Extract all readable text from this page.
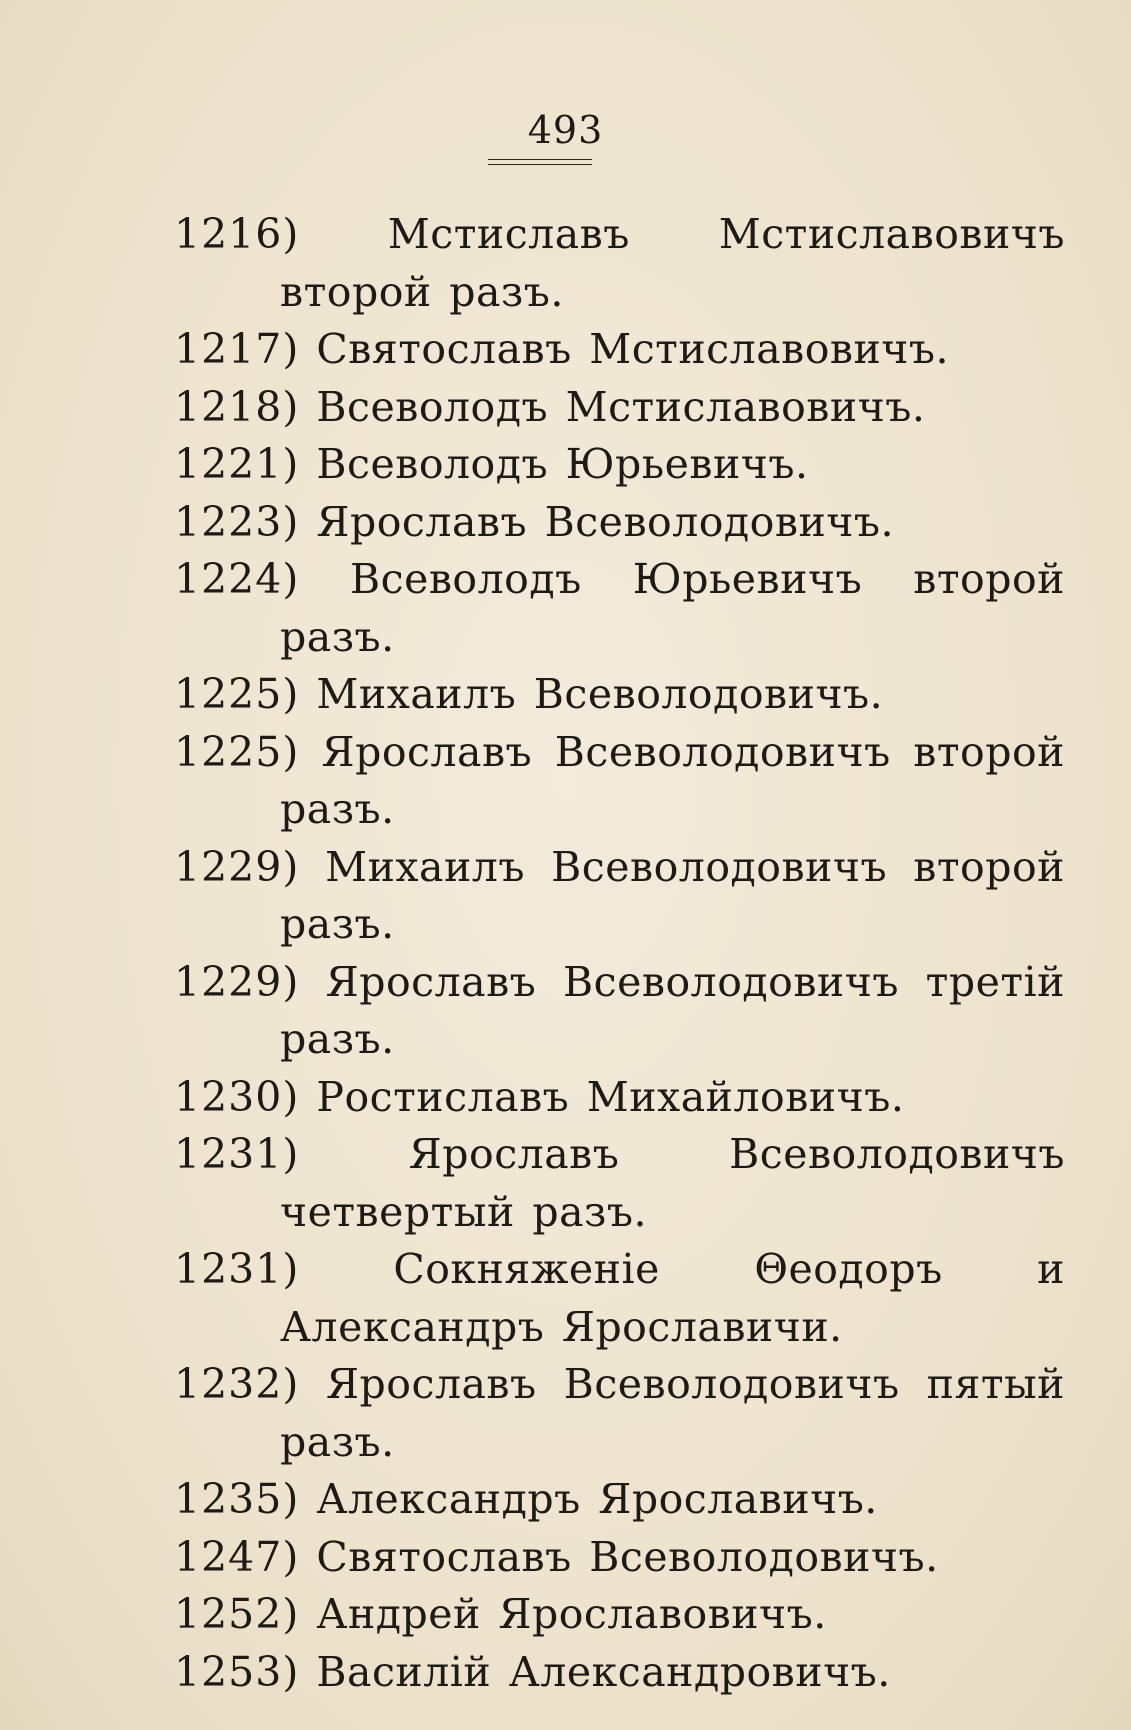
493
1216) Мстиславъ Мстиславовичъ второй разъ.
1217) Святославъ Мстиславовичъ.
1218) Всеволодъ Мстиславовичъ.
1221) Всеволодъ Юрьевичъ.
1223) Ярославъ Всеволодовичъ.
1224) Всеволодъ Юрьевичъ второй разъ.
1225) Михаилъ Всеволодовичъ.
1225) Ярославъ Всеволодовичъ второй разъ.
1229) Михаилъ Всеволодовичъ второй разъ.
1229) Ярославъ Всеволодовичъ третій разъ.
1230) Ростиславъ Михайловичъ.
1231)	Ярославъ Всеволодовичъ четвертый разъ.
1231) Сокняженіе Θеодоръ и Александръ Ярославичи.
1232) Ярославъ Всеволодовичъ пятый разъ.
1235) Александръ Ярославичъ.
1247) Святославъ Всеволодовичъ.
1252) Андрей Ярославовичъ.
1253) Василій Александровичъ.
